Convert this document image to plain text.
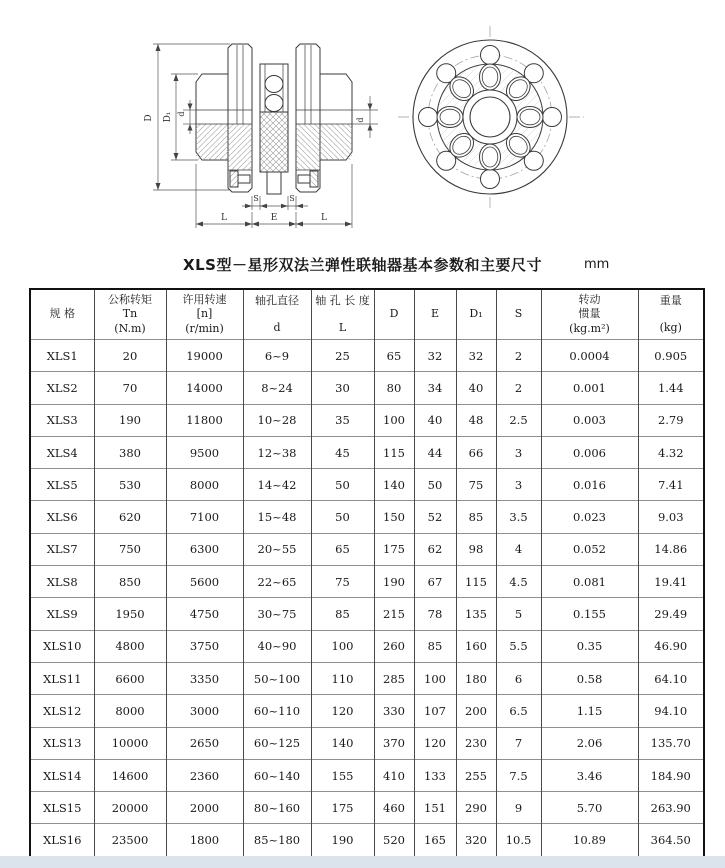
D D₁ d
d
S	S
L	E	L
XLS型－星形双法兰弹性联轴器基本参数和主要尺寸	mm
规 格

公称转矩
Tn
(N.m)

许用转速
[n]
(r/min)

轴孔直径
d

轴 孔 长 度
L

D	E	D₁	S

转动
惯量
(kg.m²)

重量
(kg)

XLS1	20	19000	6~9	25	65	32	32	2	0.0004	0.905
XLS2	70	14000	8~24	30	80	34	40	2	0.001	1.44
XLS3	190	11800	10~28	35	100	40	48	2.5	0.003	2.79
XLS4	380	9500	12~38	45	115	44	66	3	0.006	4.32
XLS5	530	8000	14~42	50	140	50	75	3	0.016	7.41
XLS6	620	7100	15~48	50	150	52	85	3.5	0.023	9.03
XLS7	750	6300	20~55	65	175	62	98	4	0.052	14.86
XLS8	850	5600	22~65	75	190	67	115	4.5	0.081	19.41
XLS9	1950	4750	30~75	85	215	78	135	5	0.155	29.49
XLS10	4800	3750	40~90	100	260	85	160	5.5	0.35	46.90
XLS11	6600	3350	50~100	110	285	100	180	6	0.58	64.10
XLS12	8000	3000	60~110	120	330	107	200	6.5	1.15	94.10
XLS13	10000	2650	60~125	140	370	120	230	7	2.06	135.70
XLS14	14600	2360	60~140	155	410	133	255	7.5	3.46	184.90
XLS15	20000	2000	80~160	175	460	151	290	9	5.70	263.90
XLS16	23500	1800	85~180	190	520	165	320	10.5	10.89	364.50
